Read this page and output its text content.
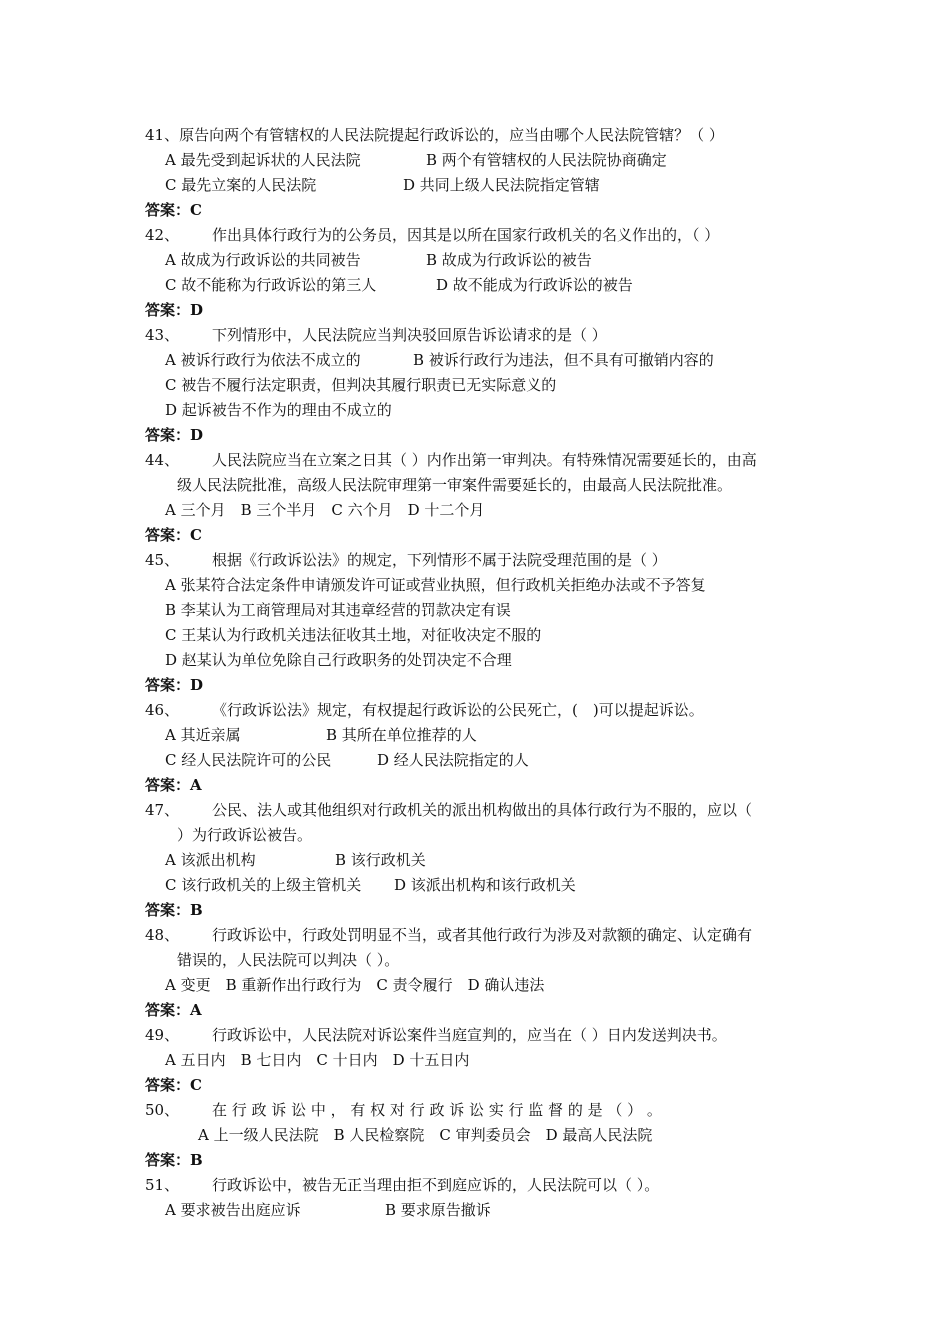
41、原告向两个有管辖权的人民法院提起行政诉讼的，应当由哪个人民法院管辖？（ ）
A 最先受到起诉状的人民法院	B 两个有管辖权的人民法院协商确定
C 最先立案的人民法院	D 共同上级人民法院指定管辖
答案：C
42、 作出具体行政行为的公务员，因其是以所在国家行政机关的名义作出的，（ ）
A 故成为行政诉讼的共同被告	B 故成为行政诉讼的被告
C 故不能称为行政诉讼的第三人	D 故不能成为行政诉讼的被告
答案：D
43、 下列情形中，人民法院应当判决驳回原告诉讼请求的是（ ）
A 被诉行政行为依法不成立的	B 被诉行政行为违法，但不具有可撤销内容的
C 被告不履行法定职责，但判决其履行职责已无实际意义的
D 起诉被告不作为的理由不成立的
答案：D
44、 人民法院应当在立案之日其（ ）内作出第一审判决。有特殊情况需要延长的，由高
级人民法院批准，高级人民法院审理第一审案件需要延长的，由最高人民法院批准。
A 三个月　B 三个半月　C 六个月　D 十二个月
答案：C
45、 根据《行政诉讼法》的规定，下列情形不属于法院受理范围的是（ ）
A 张某符合法定条件申请颁发许可证或营业执照，但行政机关拒绝办法或不予答复
B 李某认为工商管理局对其违章经营的罚款决定有误
C 王某认为行政机关违法征收其土地，对征收决定不服的
D 赵某认为单位免除自己行政职务的处罚决定不合理
答案：D
46、 《行政诉讼法》规定，有权提起行政诉讼的公民死亡，(　)可以提起诉讼。
A 其近亲属	B 其所在单位推荐的人
C 经人民法院许可的公民	D 经人民法院指定的人
答案：A
47、 公民、法人或其他组织对行政机关的派出机构做出的具体行政行为不服的，应以（
）为行政诉讼被告。
A 该派出机构	B 该行政机关
C 该行政机关的上级主管机关 D 该派出机构和该行政机关
答案：B
48、 行政诉讼中，行政处罚明显不当，或者其他行政行为涉及对款额的确定、认定确有
错误的，人民法院可以判决（ ）。
A 变更　B 重新作出行政行为　C 责令履行　D 确认违法
答案：A
49、 行政诉讼中，人民法院对诉讼案件当庭宣判的，应当在（ ）日内发送判决书。
A 五日内　B 七日内　C 十日内　D 十五日内
答案：C
50、 在 行 政 诉 讼 中 ， 有 权 对 行 政 诉 讼 实 行 监 督 的 是 （ ） 。
A 上一级人民法院　B 人民检察院　C 审判委员会　D 最高人民法院
答案：B
51、 行政诉讼中，被告无正当理由拒不到庭应诉的，人民法院可以（ ）。
A 要求被告出庭应诉	B 要求原告撤诉
